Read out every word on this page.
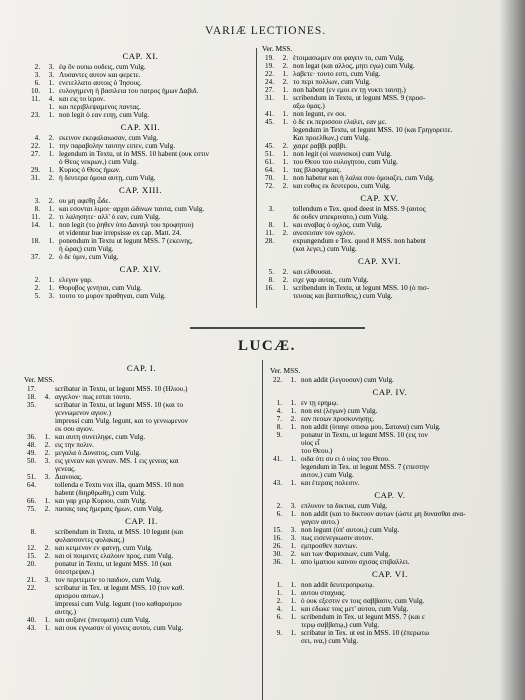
VARIÆ LECTIONES.
CAP. XI.
2. 3. ἐφ ὃν ουπω ουδεις, cum Vulg.
3. 3. Λυσαντες αυτον και φερετε.
6. 1. ενετελλατο αυτοις ὁ Ἰησους.
10. 1. ευλογημενη ἡ βασιλεια του πατρος ἡμων Δαβιδ.
11. 4. και εις το ἱερον.
1. και περιβλεψαμενος παντας.
23. 1. non legit ὁ εαν ειπῃ, cum Vulg.
CAP. XII.
4. 2. εκεινον εκεφαλαιωσαν, cum Vulg.
22. 1. την παραβολην ταυτην ειπεν, cum Vulg.
27. 1. legendum in Textu, ut in MSS. 10 habent (ουκ εστιν
ὁ Θεος νεκρων,) cum Vulg.
29. 1. Κυριος ὁ Θεος ἡμων.
31. 2. ἡ δευτερα ὁμοια αυτῃ, cum Vulg.
CAP. XIII.
3. 2. ου μη αφεθῃ ὧδε.
8. 1. και εσονται λιμοι· αρχαι ὠδινων ταυτα, cum Vulg.
11. 2. τι λαλησητε· αλλ' ὁ εαν, cum Vulg.
14. 1. non legit (το ῥηθεν ὑπο Δανιηλ του προφητου)
et videntur hue irrepsisse ex cap. Matt. 24.
18. 1. ponendum in Textu ut legunt MSS. 7 (εκεινης,
ἡ ὡρας) cum Vulg.
37. 2. ὁ δε ὑμιν, cum Vulg.
CAP. XIV.
2. 1. ελεγον γαρ.
2. 1. Θορυβος γενηται, cum Vulg.
5. 3. τουτο το μυρον πραθηναι, cum Vulg.
Ver. MSS.
19. 2. ἑτοιμασωμεν σοι φαγειν το, cum Vulg.
19. 2. non legat (και αλλος, μητι εγω) cum Vulg.
22. 1. λαβετε· τουτο εστι, cum Vulg.
24. 2. το περι πολλων, cum Vulg.
27. 1. non habent (εν εμοι εν τῃ νυκτι ταυτῃ.)
31. 1. scribendum in Textu, ut legunt MSS. 9 (προσ-
αξω ὑμας.)
41. 1. non legunt, εν σοι.
45. 1. ὁ δε εκ περισσου ελαλει, εαν με.
legendum in Textu, ut legunt MSS. 10 (και Γρηγορειτε.
Και προελθων,) cum Vulg.
45. 2. χαιρε ραββι ραββι.
51. 1. non legit (οἱ νεανισκοι) cum Vulg.
61. 1. του Θεου του ευλογητου, cum Vulg.
64. 1. τας βλασφημιας.
70. 1. non habetur και ἡ λαλια σου ὁμοιαζει, cum Vulg.
72. 2. και ευθυς εκ δευτερου, cum Vulg.
CAP. XV.
3.	tollendum e Tex. quod deest in MSS. 9 (αυτος
δε ουδεν απεκρινατο,) cum Vulg.
8. 1. και αναβας ὁ οχλος, cum Vulg.
11. 2. ανεσεισαν τον οχλον.
28.	expungendum e Tex. quod 8 MSS. non habent
(και λεγει,) cum Vulg.
CAP. XVI.
5. 2. και ελθουσαι.
8. 2. ειχε γαρ αυτας, cum Vulg.
16. 1. scribendum in Textu, ut legunt MSS. 10 (ὁ πισ-
τευσας και βαπτισθεις,) cum Vulg.
LUCÆ.
CAP. I.
Ver. MSS.
17.	scribatur in Textu, ut legunt MSS. 10 (Ηλιου.)
18. 4. αγγελον· πως εσται τουτο.
35.	scribatur in Textu, ut legunt MSS. 10 (και το
γεννωμενον αγιον.)
impressi cum Vulg. legunt, και το γεννωμενον
εκ σου αγιον.
36. 1. και αυτη συνειληφε, cum Vulg.
48. 2. εις την πολιν.
49. 2. μεγαλα ὁ Δυνατος, cum Vulg.
50. 3. εις γενεαν και γενεαν. MS. 1 εις γενεας και
γενεας.
51. 3. Διανοιας.
64.	tollenda e Textu vox illa, quam MSS. 10 non
habent (διηρθρωθη,) cum Vulg.
66. 1. και γαρ χειρ Κυριου, cum Vulg.
75. 2. πασαις ταις ἡμεραις ἡμων, cum Vulg.
CAP. II.
8.	scribendum in Textu, ut MSS. 10 legunt (και
φυλασσοντες φυλακας.)
12. 2. και κειμενον εν φατνῃ, cum Vulg.
15. 2. και οἱ ποιμενες ελαλουν προς, cum Vulg.
20.	ponatur in Textu, ut legunt MSS. 10 (και
ὑπεστρεψαν.)
21. 3. τον περιτεμειν το παιδιον, cum Vulg.
22.	scribatur in Tex. ut legunt MSS. 10 (τον καθ.
αρισμου αυτων.)
impressi cum Vulg. legunt (του καθαρισμου
αυτης.)
40. 1. και αυξανε (πνευματι) cum Vulg.
43. 1. και ουκ εγνωσαν οἱ γονεις αυτου, cum Vulg.
Ver. MSS.
22. 1. non addit (λεγουσαν) cum Vulg.
CAP. IV.
1. 1. εν τῃ ερημῳ.
4. 1. non est (λεγων) cum Vulg.
7. 2. εαν πεσων προσκυνησῃς.
8. 1. non addit (ὑπαγε οπισω μου, Σατανα) cum Vulg.
9.	ponatur in Textu, ut legunt MSS. 10 (εις τον
υἱος εἶ
του Θεου.)
41. 1. οιδα ὁτι συ ει ὁ υἱος του Θεου.
legendum in Tex. ut legunt MSS. 7 (επεστην
αυτον,) cum Vulg.
43. 1. και ἑτεραις πολεσιν.
CAP. V.
2. 3. επλυνον τα δικτυα, cum Vulg.
6. 1. non addit (και το δικτυον αυτων (ὡστε μη δυνασθαι ανα-
γαγειν αυτο.)
15. 3. non legunt (ὑπ' αυτου,) cum Vulg.
16. 3. πως εισενεγκωσιν αυτον.
26. 1. εμπροσθεν παντων.
30. 2. και των Φαρισαιων, cum Vulg.
36. 1. απο ἱματιου καινου σχισας επιβαλλει.
CAP. VI.
1. 1. non addit δευτεροπρωτῳ.
1. 1. αυτου σταχυας.
2. 1. ὁ ουκ εξεστιν εν τοις σαββασιν, cum Vulg.
4. 1. και εδωκε τοις μετ' αυτου, cum Vulg.
6. 1. scribendum in Tex. ut legunt MSS. 7 (και ε
τερῳ σαββατῳ,) cum Vulg.
9. 1. scribatur in Tex. ut est in MSS. 10 (ἐπερωτω
σει, ινα,) cum Vulg.
